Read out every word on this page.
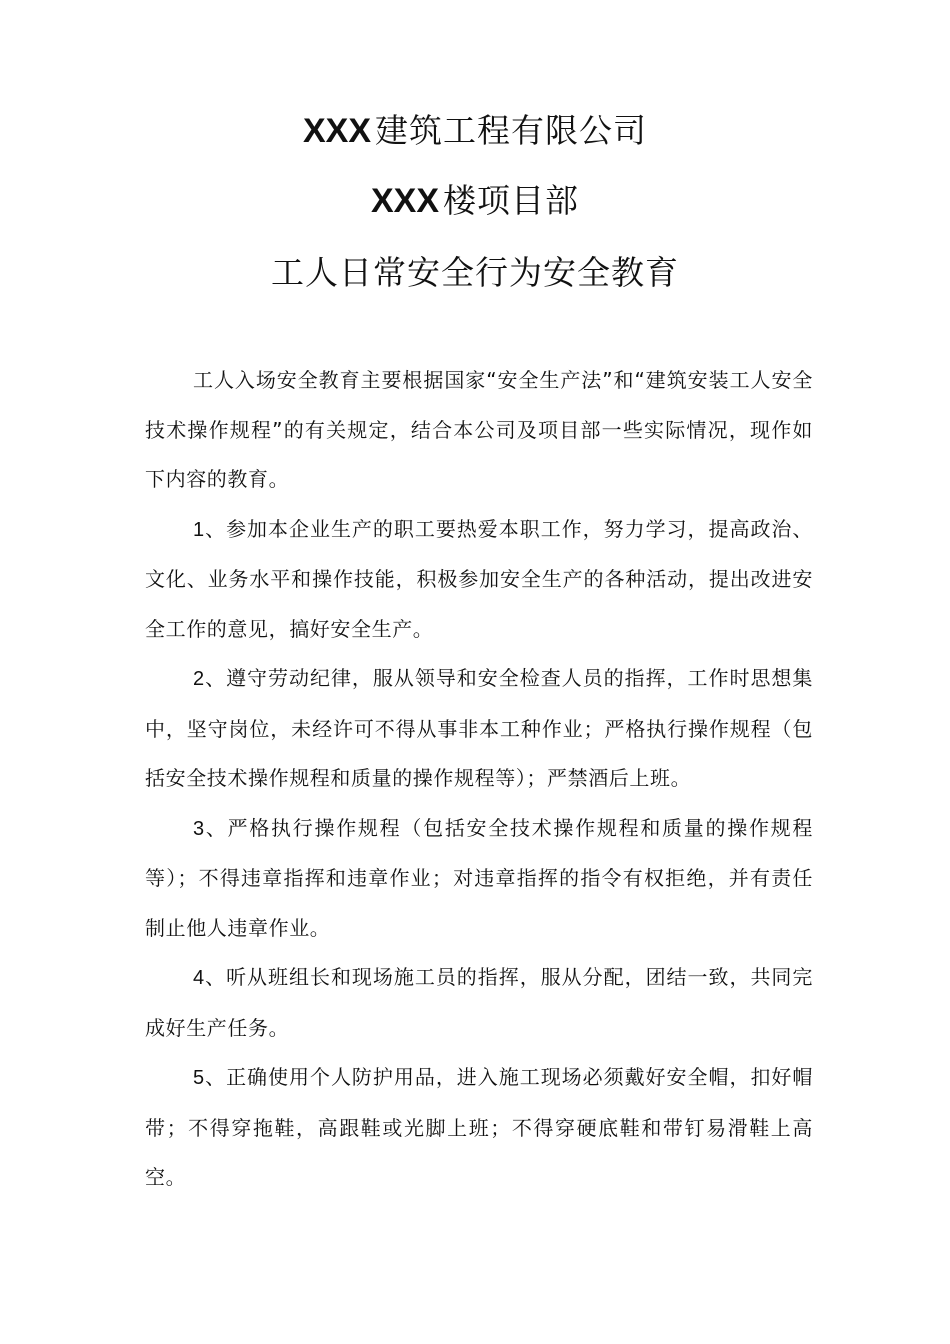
XXX 建筑工程有限公司
XXX 楼项目部
工人日常安全行为安全教育

工人入场安全教育主要根据国家“安全生产法”和“建筑安装工人安全技术操作规程”的有关规定，结合本公司及项目部一些实际情况，现作如下内容的教育。

1、参加本企业生产的职工要热爱本职工作，努力学习，提高政治、文化、业务水平和操作技能，积极参加安全生产的各种活动，提出改进安全工作的意见，搞好安全生产。

2、遵守劳动纪律，服从领导和安全检查人员的指挥，工作时思想集中，坚守岗位，未经许可不得从事非本工种作业；严格执行操作规程（包括安全技术操作规程和质量的操作规程等）；严禁酒后上班。

3、严格执行操作规程（包括安全技术操作规程和质量的操作规程等）；不得违章指挥和违章作业；对违章指挥的指令有权拒绝，并有责任制止他人违章作业。

4、听从班组长和现场施工员的指挥，服从分配，团结一致，共同完成好生产任务。

5、正确使用个人防护用品，进入施工现场必须戴好安全帽，扣好帽带；不得穿拖鞋，高跟鞋或光脚上班；不得穿硬底鞋和带钉易滑鞋上高空。
